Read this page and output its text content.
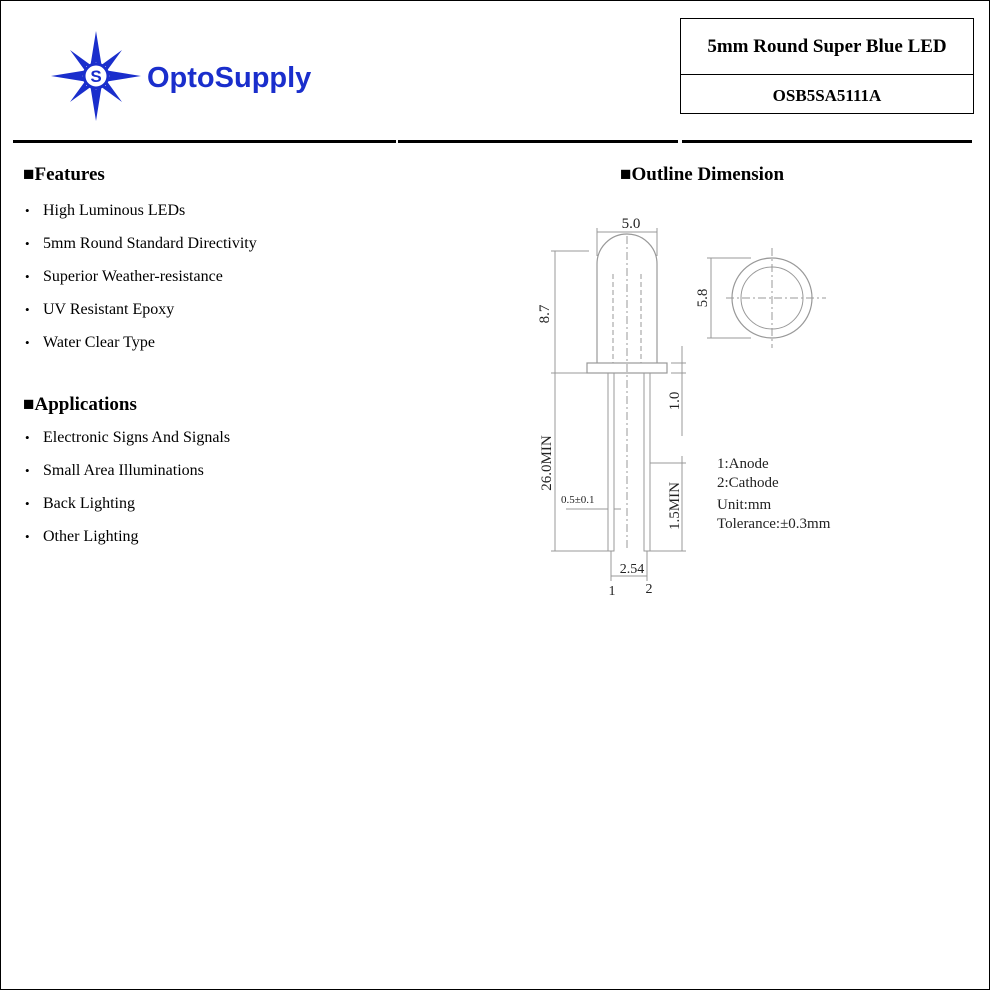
S OptoSupply
5mm Round Super Blue LED
OSB5SA5111A
■Features
• High Luminous LEDs
• 5mm Round Standard Directivity
• Superior Weather-resistance
• UV Resistant Epoxy
• Water Clear Type
■Applications
• Electronic Signs And Signals
• Small Area Illuminations
• Back Lighting
• Other Lighting
■Outline Dimension
5.0
8.7
5.8
1.0
26.0MIN
0.5±0.1	1.5MIN
2.54
1 2
1:Anode
2:Cathode
Unit:mm
Tolerance:±0.3mm
